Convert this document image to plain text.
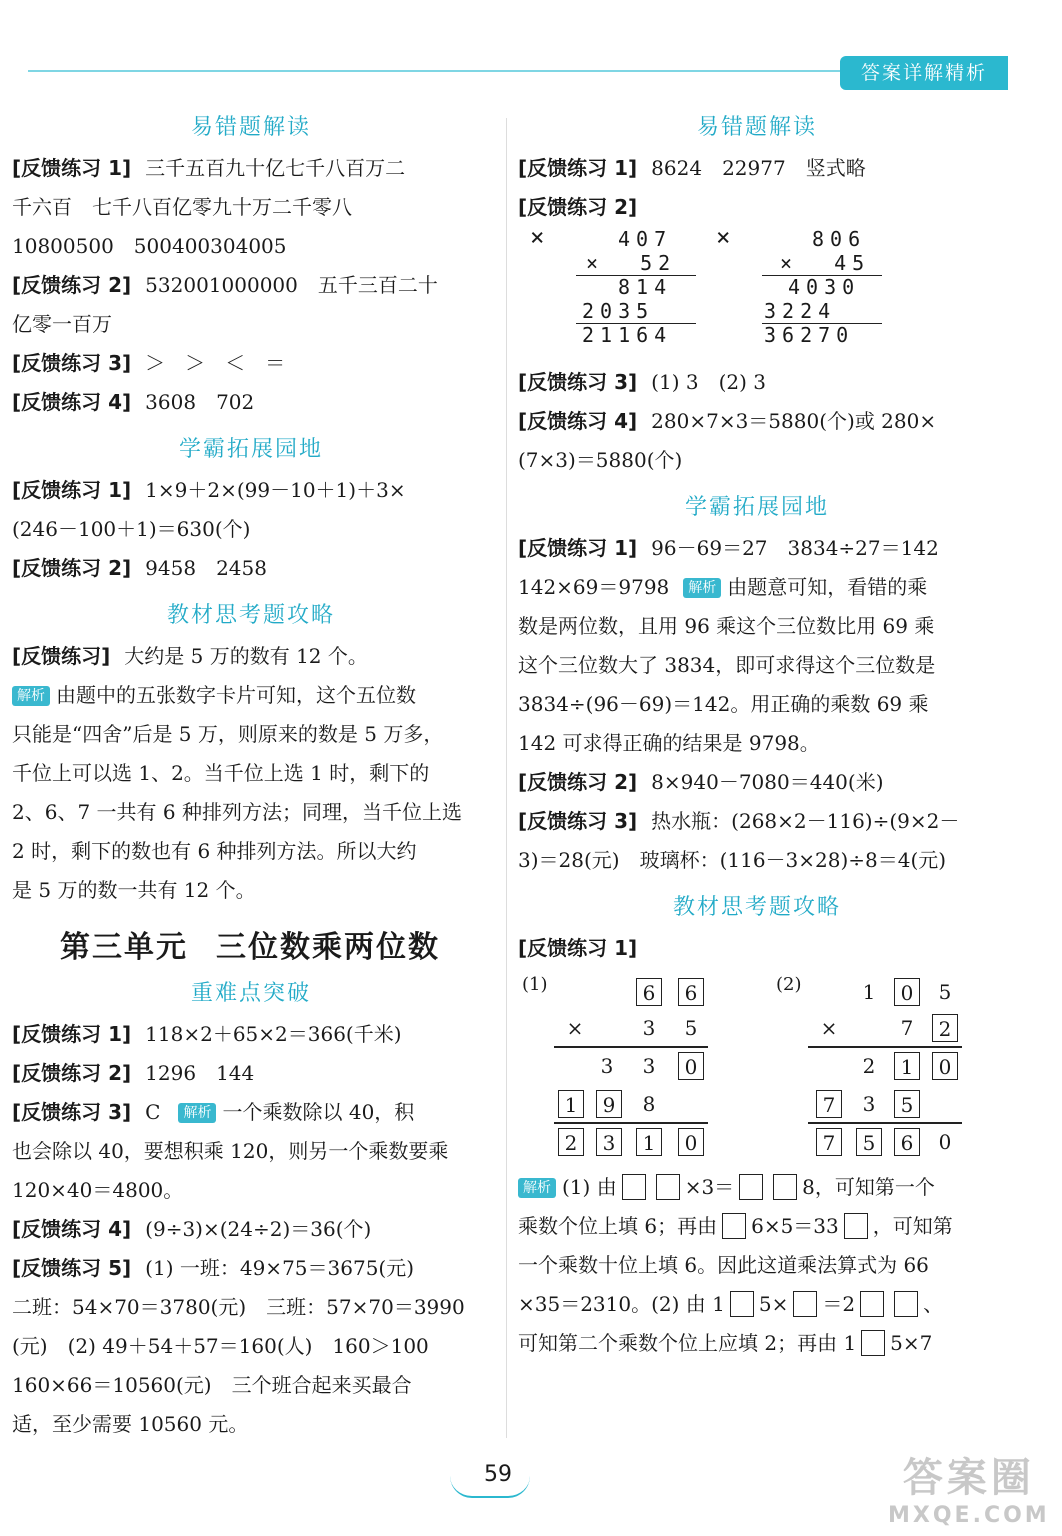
答案详解精析
易错题解读

[反馈练习 1] 三千五百九十亿七千八百万二

千六百　七千八百亿零九十万二千零八

10800500　500400304005

[反馈练习 2] 532001000000　五千三百二十

亿零一百万

[反馈练习 3] ＞　＞　＜　＝

[反馈练习 4] 3608　702

学霸拓展园地

[反馈练习 1] 1×9＋2×(99－10＋1)＋3×

(246－100＋1)＝630(个)

[反馈练习 2] 9458　2458

教材思考题攻略

[反馈练习] 大约是 5 万的数有 12 个。

解析 由题中的五张数字卡片可知，这个五位数

只能是“四舍”后是 5 万，则原来的数是 5 万多，

千位上可以选 1、2。当千位上选 1 时，剩下的

2、6、7 一共有 6 种排列方法；同理，当千位上选

2 时，剩下的数也有 6 种排列方法。所以大约

是 5 万的数一共有 12 个。

第三单元 三位数乘两位数
重难点突破

[反馈练习 1] 118×2＋65×2＝366(千米)

[反馈练习 2] 1296　144

[反馈练习 3] C 解析 一个乘数除以 40，积

也会除以 40，要想积乘 120，则另一个乘数要乘

120×40＝4800。

[反馈练习 4] (9÷3)×(24÷2)＝36(个)

[反馈练习 5] (1) 一班：49×75＝3675(元)

二班：54×70＝3780(元)　三班：57×70＝3990

(元)　(2) 49＋54＋57＝160(人)　160＞100

160×66＝10560(元)　三个班合起来买最合

适，至少需要 10560 元。

易错题解读

[反馈练习 1] 8624　22977　竖式略

[反馈练习 2]

×	407
×  52
814
2035
21164
×	806
×  45
4030
3224
36270

[反馈练习 3] (1) 3　(2) 3

[反馈练习 4] 280×7×3＝5880(个)或 280×

(7×3)＝5880(个)

学霸拓展园地

[反馈练习 1] 96－69＝27　3834÷27＝142

142×69＝9798 解析 由题意可知，看错的乘

数是两位数，且用 96 乘这个三位数比用 69 乘

这个三位数大了 3834，即可求得这个三位数是

3834÷(96－69)＝142。用正确的乘数 69 乘

142 可求得正确的结果是 9798。

[反馈练习 2] 8×940－7080＝440(米)

[反馈练习 3] 热水瓶：(268×2－116)÷(9×2－

3)＝28(元)　玻璃杯：(116－3×28)÷8＝4(元)

教材思考题攻略

[反馈练习 1]

(1)	6	6
×	3	5
3	3	0
1	9	8
2	3	1	0
(2)	1	0	5
×	7	2
2	1	0
7	3	5
7	5	6	0

解析 (1) 由	×3＝	8，可知第一个

乘数个位上填 6；再由 6×5＝33 ，可知第

一个乘数十位上填 6。因此这道乘法算式为 66

×35＝2310。(2) 由 1 5× ＝2	、

可知第二个乘数个位上应填 2；再由 1 5×7

59	答案圈
MXQE.COM
